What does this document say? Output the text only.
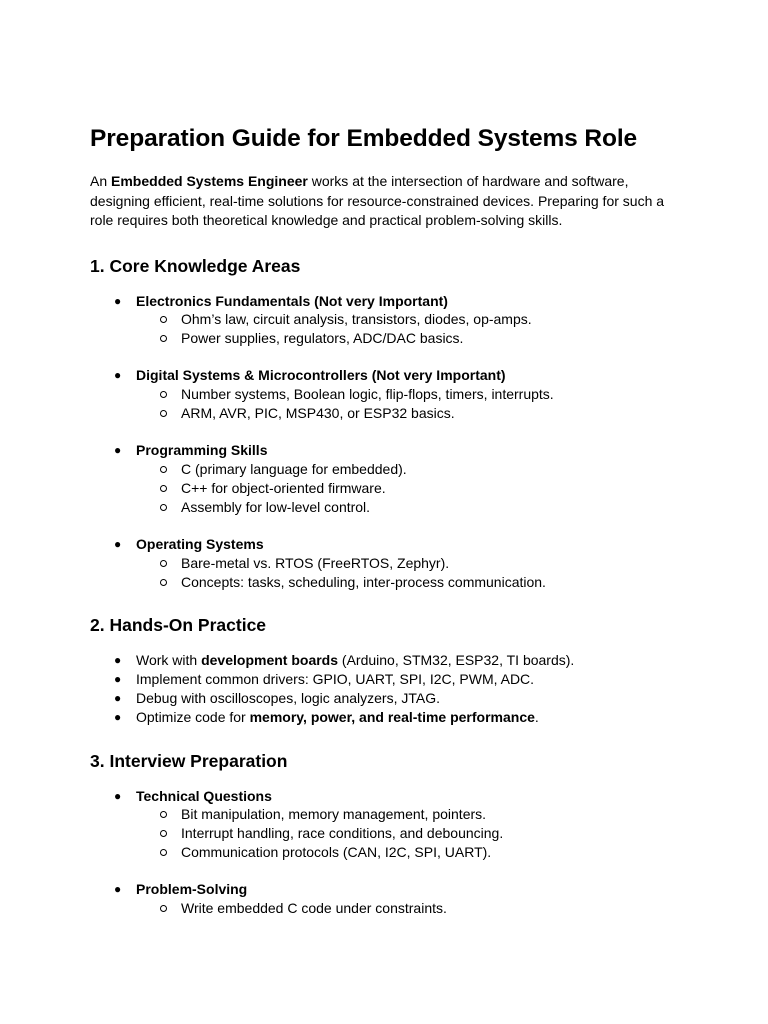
Preparation Guide for Embedded Systems Role

An Embedded Systems Engineer works at the intersection of hardware and software, designing efficient, real-time solutions for resource-constrained devices. Preparing for such a role requires both theoretical knowledge and practical problem-solving skills.

1. Core Knowledge Areas
● Electronics Fundamentals (Not very Important)
Ohm’s law, circuit analysis, transistors, diodes, op-amps.
Power supplies, regulators, ADC/DAC basics.
● Digital Systems & Microcontrollers (Not very Important)
Number systems, Boolean logic, flip-flops, timers, interrupts.
ARM, AVR, PIC, MSP430, or ESP32 basics.
● Programming Skills
C (primary language for embedded).
C++ for object-oriented firmware.
Assembly for low-level control.
● Operating Systems
Bare-metal vs. RTOS (FreeRTOS, Zephyr).
Concepts: tasks, scheduling, inter-process communication.
2. Hands-On Practice
● Work with development boards (Arduino, STM32, ESP32, TI boards).
● Implement common drivers: GPIO, UART, SPI, I2C, PWM, ADC.
● Debug with oscilloscopes, logic analyzers, JTAG.
● Optimize code for memory, power, and real-time performance.
3. Interview Preparation
● Technical Questions
Bit manipulation, memory management, pointers.
Interrupt handling, race conditions, and debouncing.
Communication protocols (CAN, I2C, SPI, UART).
● Problem-Solving
Write embedded C code under constraints.
